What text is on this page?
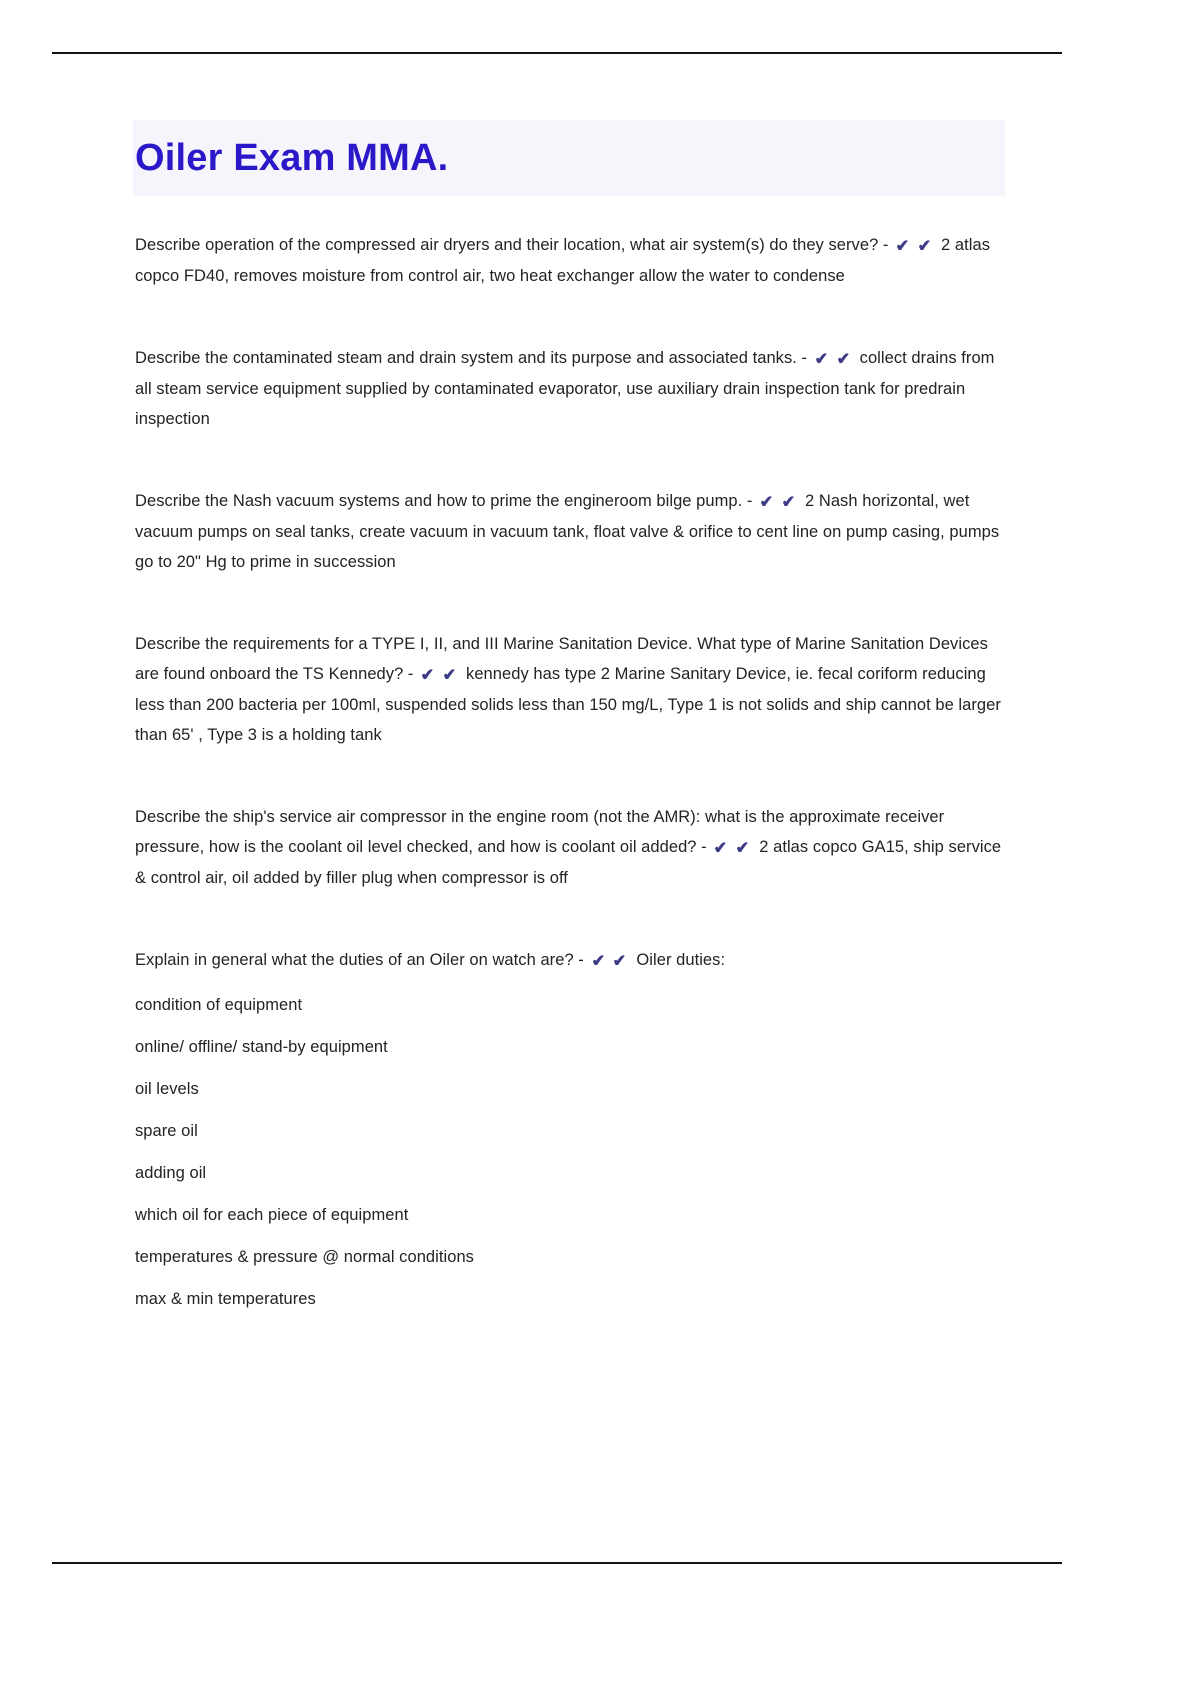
Oiler Exam MMA.
Describe operation of the compressed air dryers and their location, what air system(s) do they serve? - ✔ ✔ 2 atlas copco FD40, removes moisture from control air, two heat exchanger allow the water to condense
Describe the contaminated steam and drain system and its purpose and associated tanks. - ✔ ✔ collect drains from all steam service equipment supplied by contaminated evaporator, use auxiliary drain inspection tank for predrain inspection
Describe the Nash vacuum systems and how to prime the engineroom bilge pump. - ✔ ✔ 2 Nash horizontal, wet vacuum pumps on seal tanks, create vacuum in vacuum tank, float valve & orifice to cent line on pump casing, pumps go to 20" Hg to prime in succession
Describe the requirements for a TYPE I, II, and III Marine Sanitation Device. What type of Marine Sanitation Devices are found onboard the TS Kennedy? - ✔ ✔ kennedy has type 2 Marine Sanitary Device, ie. fecal coriform reducing less than 200 bacteria per 100ml, suspended solids less than 150 mg/L, Type 1 is not solids and ship cannot be larger than 65' , Type 3 is a holding tank
Describe the ship's service air compressor in the engine room (not the AMR): what is the approximate receiver pressure, how is the coolant oil level checked, and how is coolant oil added? - ✔ ✔ 2 atlas copco GA15, ship service & control air, oil added by filler plug when compressor is off
Explain in general what the duties of an Oiler on watch are? - ✔ ✔ Oiler duties:
condition of equipment
online/ offline/ stand-by equipment
oil levels
spare oil
adding oil
which oil for each piece of equipment
temperatures & pressure @ normal conditions
max & min temperatures
